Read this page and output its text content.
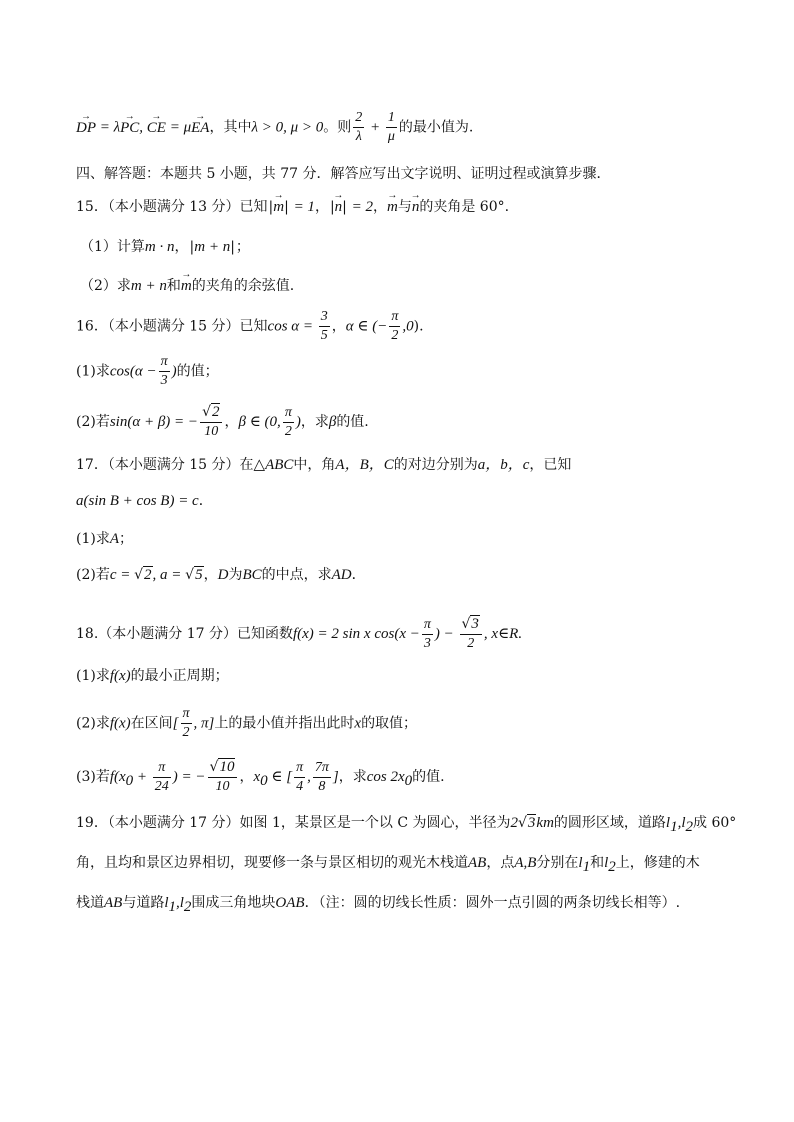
→ DP = λ→ PC, → CE = μ→ EA，其中λ > 0, μ > 0。则 $\frac{2}{\lambda} + \frac{1}{\mu}$ 的最小值为.
四、解答题：本题共 5 小题，共 77 分．解答应写出文字说明、证明过程或演算步骤．
15．（本小题满分 13 分）已知|→ m| = 1，|→ n| = 2，→ m与→ n的夹角是 60°.
（1）计算m · n，|m + n|；
（2）求m + n和→ m的夹角的余弦值.
16．（本小题满分 15 分）已知$\cos \alpha = \frac{3}{5}$ ，α ∈ (− $\frac{\pi}{2} ,0$).
(1)求$\cos(\alpha - \frac{\pi}{3}$ )的值；
(2)若sin(α + β) = − $\frac{√2}{10}$ ，β ∈ (0, $\frac{\pi}{2}$ )，求β的值.
17．（本小题满分 15 分）在△ABC中，角A，B，C的对边分别为a，b，c，已知
a(sin B + cos B) = c．
(1)求A；
(2)若c = √2, a = √5，D为BC的中点，求AD．
18.（本小题满分 17 分）已知函数f(x) = 2 sin x $\cos(x - \frac{\pi}{3}$ ) − $\frac{√3}{2}$ , x∈R.
(1)求f(x)的最小正周期；
(2)求f(x)在区间[ $\frac{\pi}{2}$ , π]上的最小值并指出此时x的取值；
(3)若$f(x_0 + \frac{\pi}{24}$ ) = − $\frac{√10}{10}$ ，$x_0$ ∈ [ $\frac{\pi}{4}$ , $\frac{7\pi}{8}$ ]，求$\cos 2x_0$的值.
19．（本小题满分 17 分）如图 1，某景区是一个以 C 为圆心，半径为2√3km的圆形区域，道路$l_1,l_2$成 60°
角，且均和景区边界相切，现要修一条与景区相切的观光木栈道AB，点A,B分别在$l_1$和$l_2$上，修建的木
栈道AB与道路$l_1,l_2$围成三角地块OAB．（注：圆的切线长性质：圆外一点引圆的两条切线长相等）.
